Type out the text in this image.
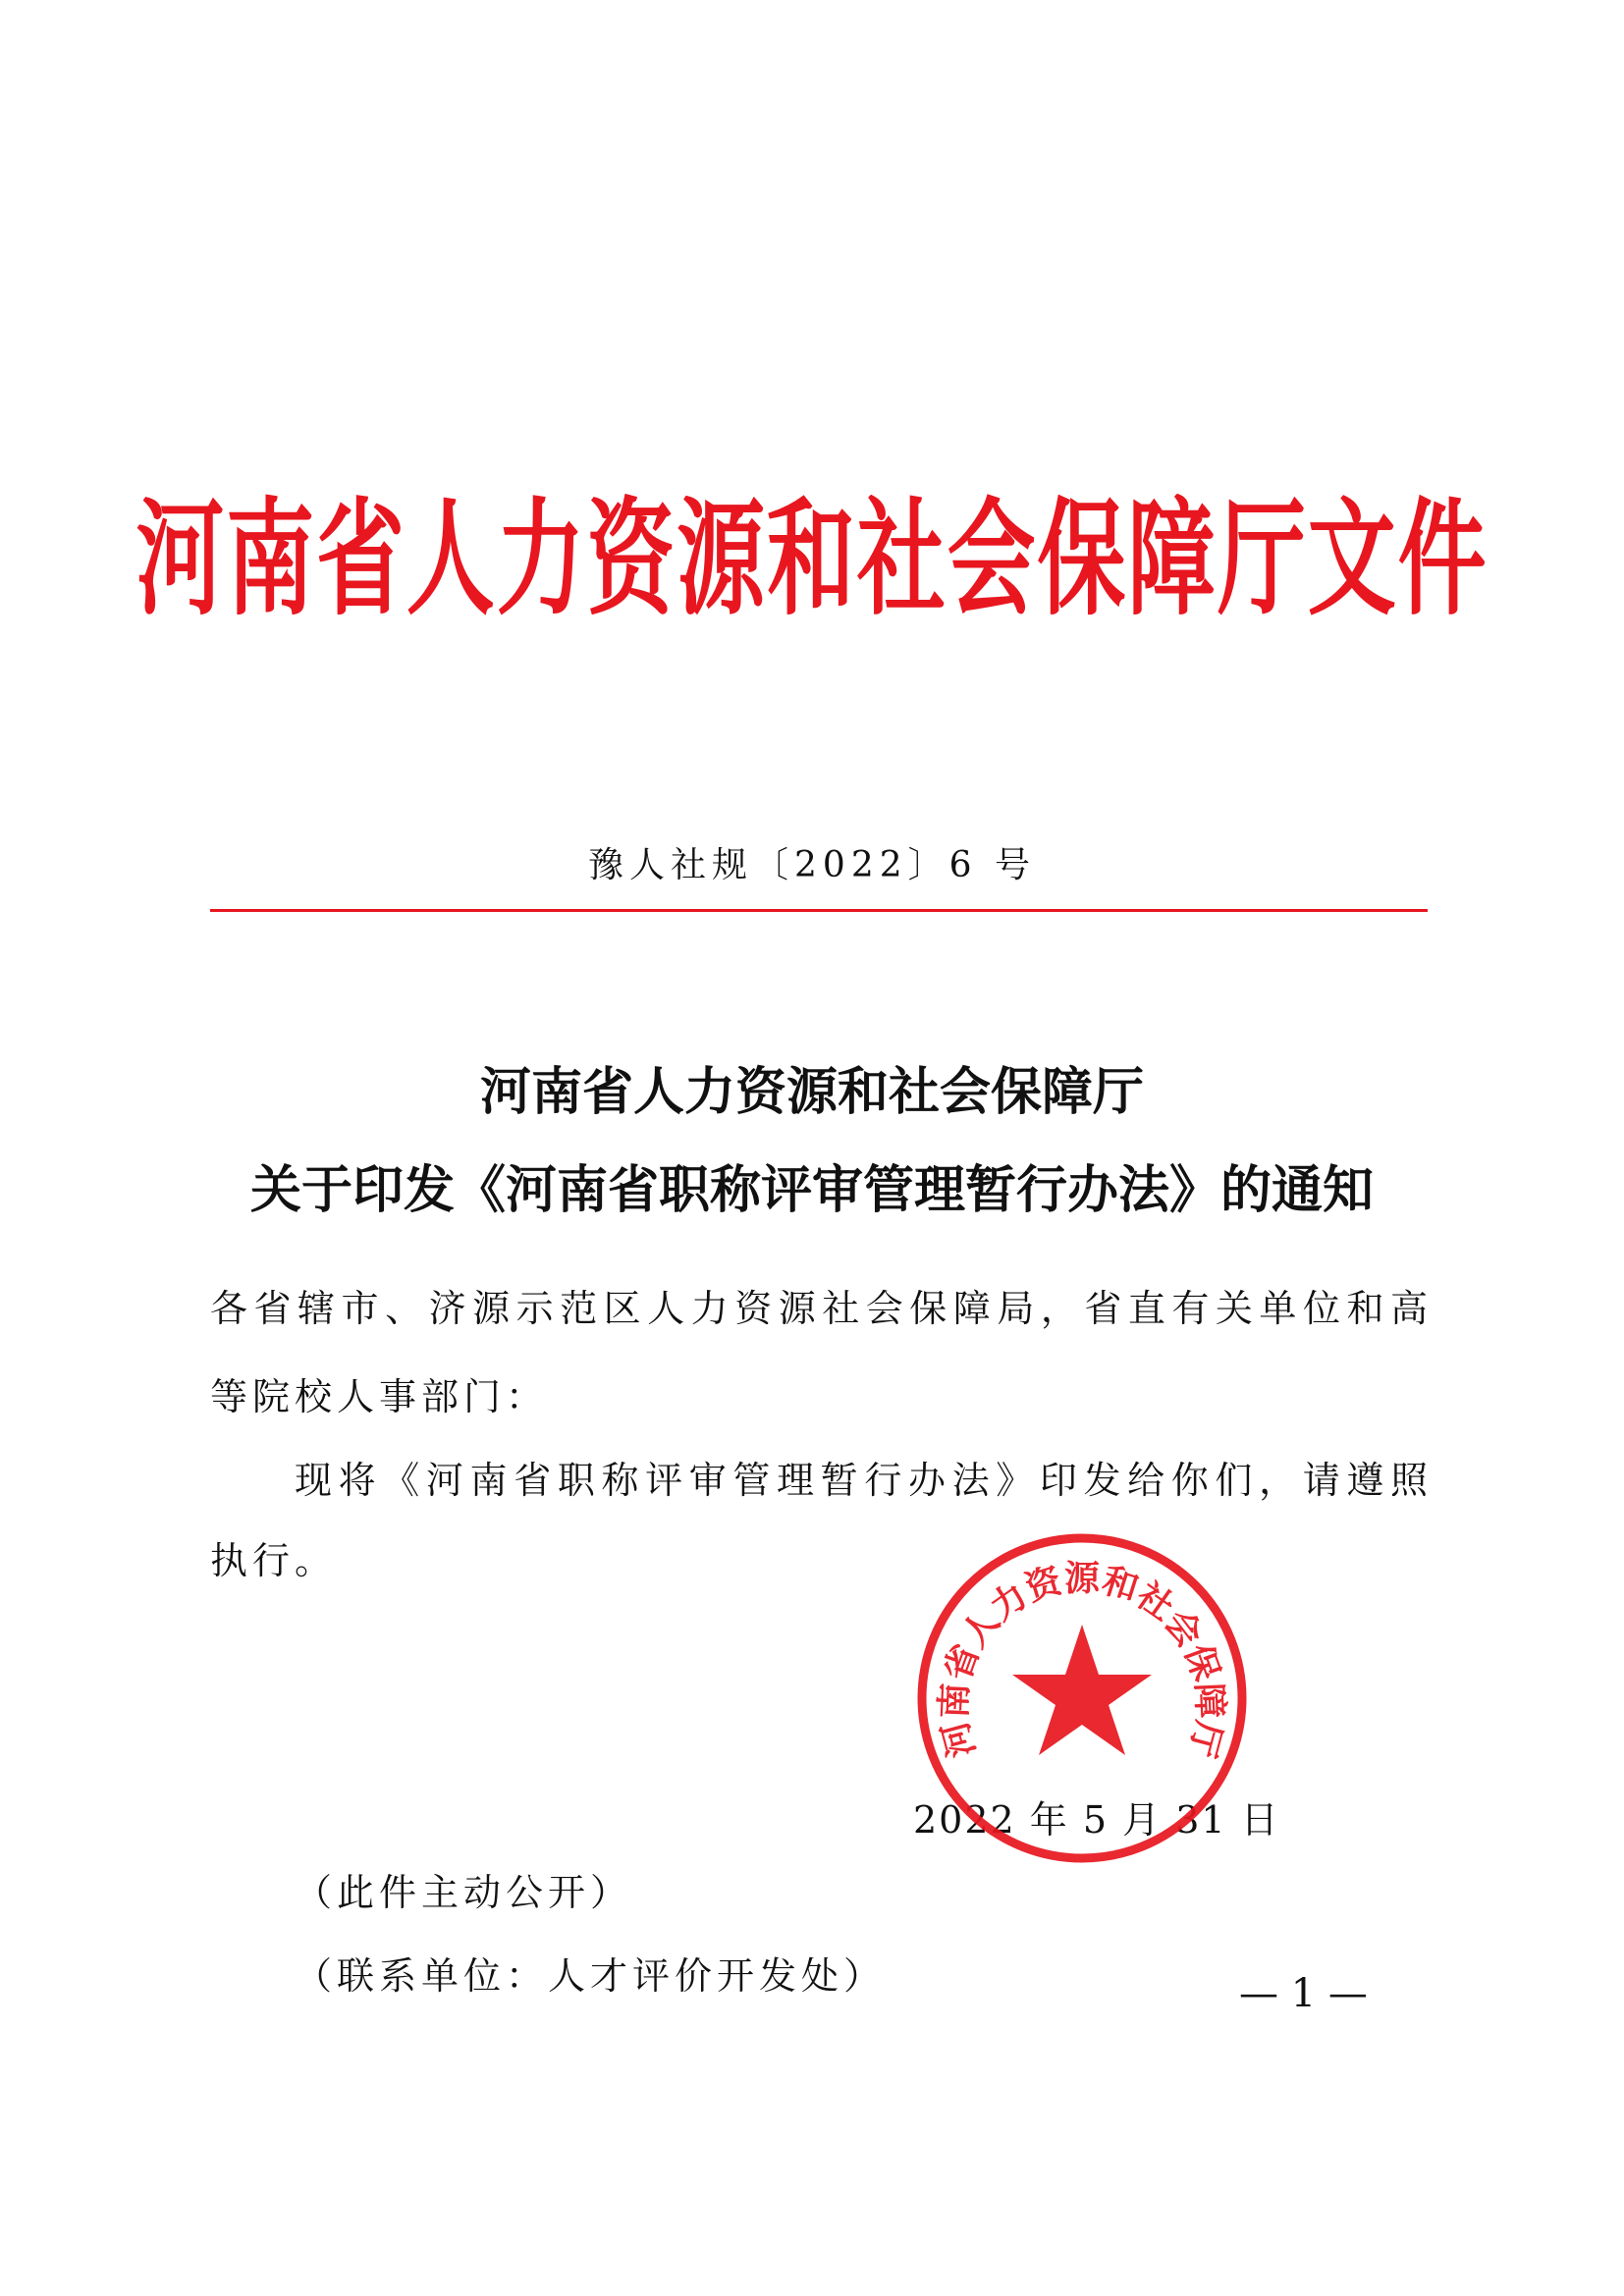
河南省人力资源和社会保障厅文件
豫人社规〔2022〕6 号
河南省人力资源和社会保障厅
关于印发《河南省职称评审管理暂行办法》的通知
各省辖市、济源示范区人力资源社会保障局，省直有关单位和高
等院校人事部门：
现将《河南省职称评审管理暂行办法》印发给你们，请遵照
执行。
2022 年 5 月 31 日
河南省人力资源和社会保障厅
（此件主动公开）
（联系单位：人才评价开发处）	— 1 —
